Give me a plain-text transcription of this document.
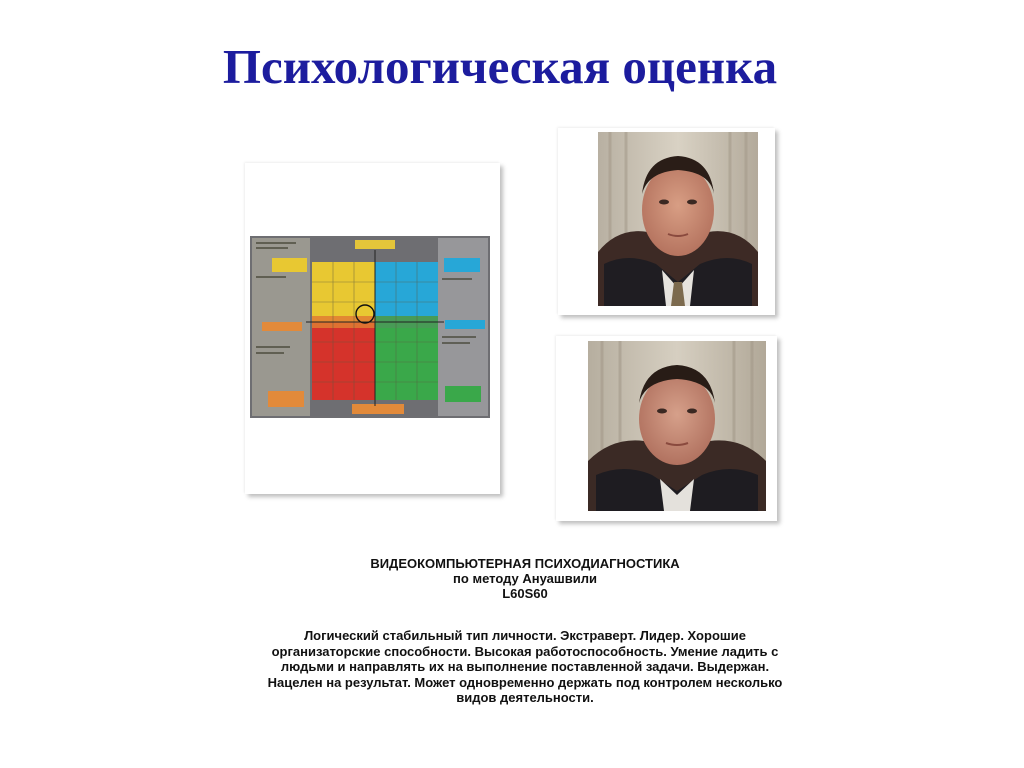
Психологическая оценка
ВИДЕОКОМПЬЮТЕРНАЯ ПСИХОДИАГНОСТИКА
по методу Ануашвили
L60S60
Логический стабильный тип личности. Экстраверт. Лидер. Хорошие
организаторские способности. Высокая работоспособность. Умение ладить с
людьми и направлять их на выполнение поставленной задачи. Выдержан.
Нацелен на результат. Может одновременно держать под контролем несколько
видов деятельности.
